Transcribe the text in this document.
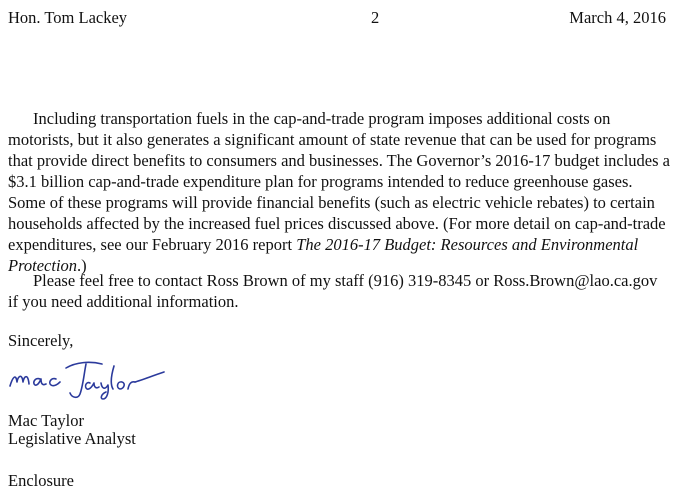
Hon. Tom Lackey	2	March 4, 2016

Including transportation fuels in the cap-and-trade program imposes additional costs on motorists, but it also generates a significant amount of state revenue that can be used for programs that provide direct benefits to consumers and businesses. The Governor’s 2016-17 budget includes a $3.1 billion cap-and-trade expenditure plan for programs intended to reduce greenhouse gases. Some of these programs will provide financial benefits (such as electric vehicle rebates) to certain households affected by the increased fuel prices discussed above. (For more detail on cap-and-trade expenditures, see our February 2016 report The 2016-17 Budget: Resources and Environmental Protection.)

Please feel free to contact Ross Brown of my staff (916) 319-8345 or Ross.Brown@lao.ca.gov if you need additional information.

Sincerely,
Mac Taylor
Legislative Analyst
Enclosure
